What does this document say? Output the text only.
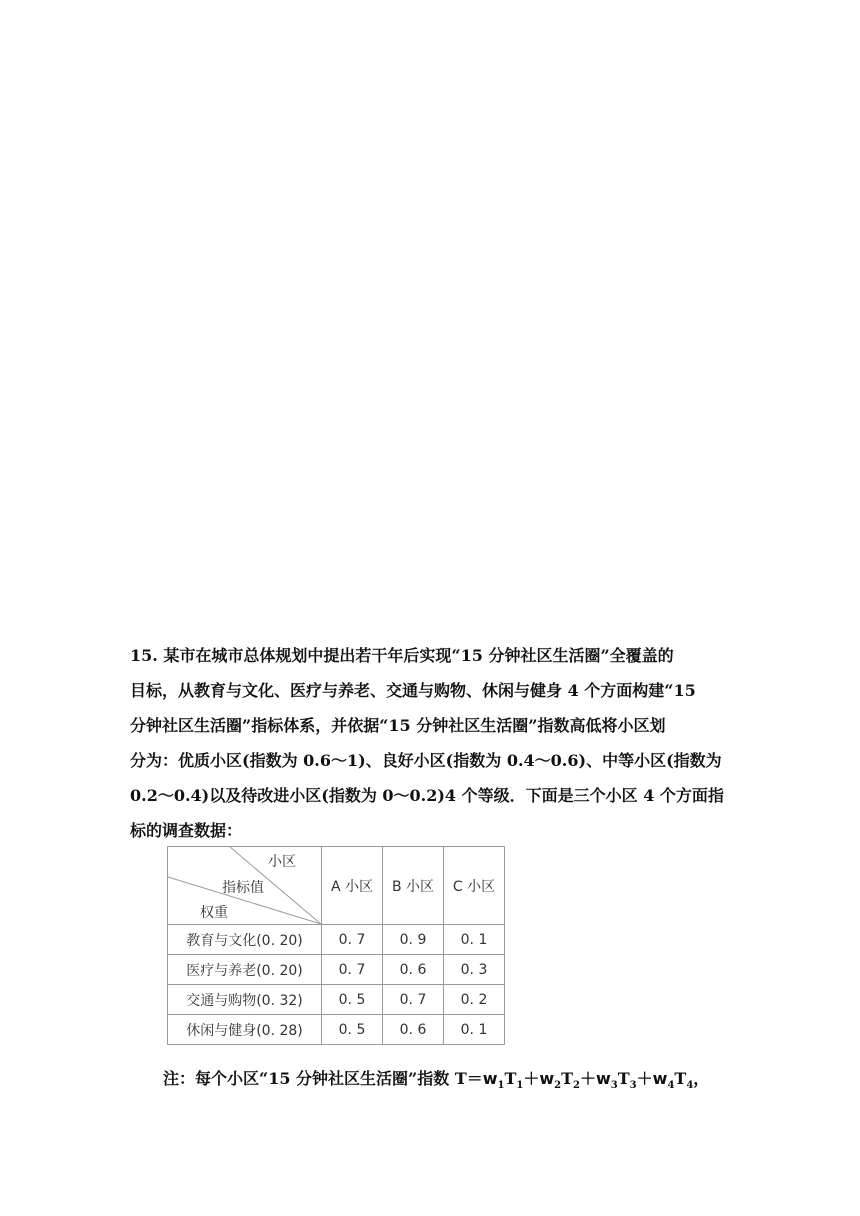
15. 某市在城市总体规划中提出若干年后实现“15 分钟社区生活圈”全覆盖的
目标，从教育与文化、医疗与养老、交通与购物、休闲与健身 4 个方面构建“15
分钟社区生活圈”指标体系，并依据“15 分钟社区生活圈”指数高低将小区划
分为：优质小区(指数为 0.6～1)、良好小区(指数为 0.4～0.6)、中等小区(指数为
0.2～0.4)以及待改进小区(指数为 0～0.2)4 个等级．下面是三个小区 4 个方面指
标的调查数据：
小区
指标值
权重	A 小区	B 小区	C 小区
教育与文化(0. 20)	0. 7	0. 9	0. 1
医疗与养老(0. 20)	0. 7	0. 6	0. 3
交通与购物(0. 32)	0. 5	0. 7	0. 2
休闲与健身(0. 28)	0. 5	0. 6	0. 1
注：每个小区“15 分钟社区生活圈”指数 $T=w_1T_1+w_2T_2+w_3T_3+w_4T_4$，
